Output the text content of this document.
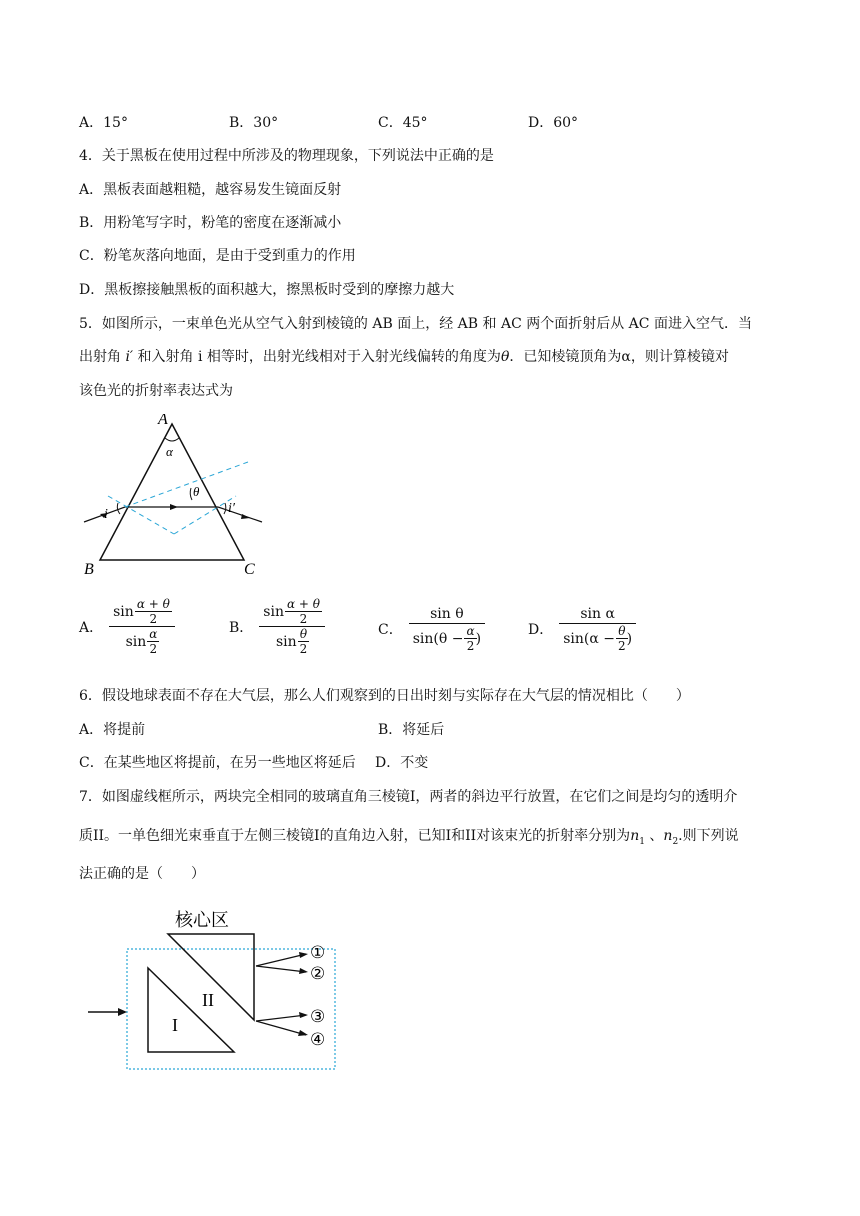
A．15°	B．30°	C．45°	D．60°
4．关于黑板在使用过程中所涉及的物理现象，下列说法中正确的是
A．黑板表面越粗糙，越容易发生镜面反射
B．用粉笔写字时，粉笔的密度在逐渐减小
C．粉笔灰落向地面，是由于受到重力的作用
D．黑板擦接触黑板的面积越大，擦黑板时受到的摩擦力越大
5．如图所示，一束单色光从空气入射到棱镜的 AB 面上，经 AB 和 AC 两个面折射后从 AC 面进入空气．当
出射角 i′ 和入射角 i 相等时，出射光线相对于入射光线偏转的角度为θ．已知棱镜顶角为α，则计算棱镜对
该色光的折射率表达式为
A
α
θ
i	i′
B	C
A． $\frac{\sin \frac{\alpha + \theta}{2}}{\sin \frac{\alpha}{2}}$	B． $\frac{\sin \frac{\alpha + \theta}{2}}{\sin \frac{\theta}{2}}$	C． $\frac{\text{sin θ}}{\sin(\theta - \frac{\alpha}{2} )}$	D． $\frac{\text{sin α}}{\sin(\alpha - \frac{\theta}{2} )}$
6．假设地球表面不存在大气层，那么人们观察到的日出时刻与实际存在大气层的情况相比（　　）
A．将提前	B．将延后
C．在某些地区将提前，在另一些地区将延后 D．不变
7．如图虚线框所示，两块完全相同的玻璃直角三棱镜I，两者的斜边平行放置，在它们之间是均匀的透明介
质II。一单色细光束垂直于左侧三棱镜I的直角边入射，已知I和II对该束光的折射率分别为$n_1$ 、$n_2$.则下列说
法正确的是（　　）
核心区
I
II
①
②
③
④
